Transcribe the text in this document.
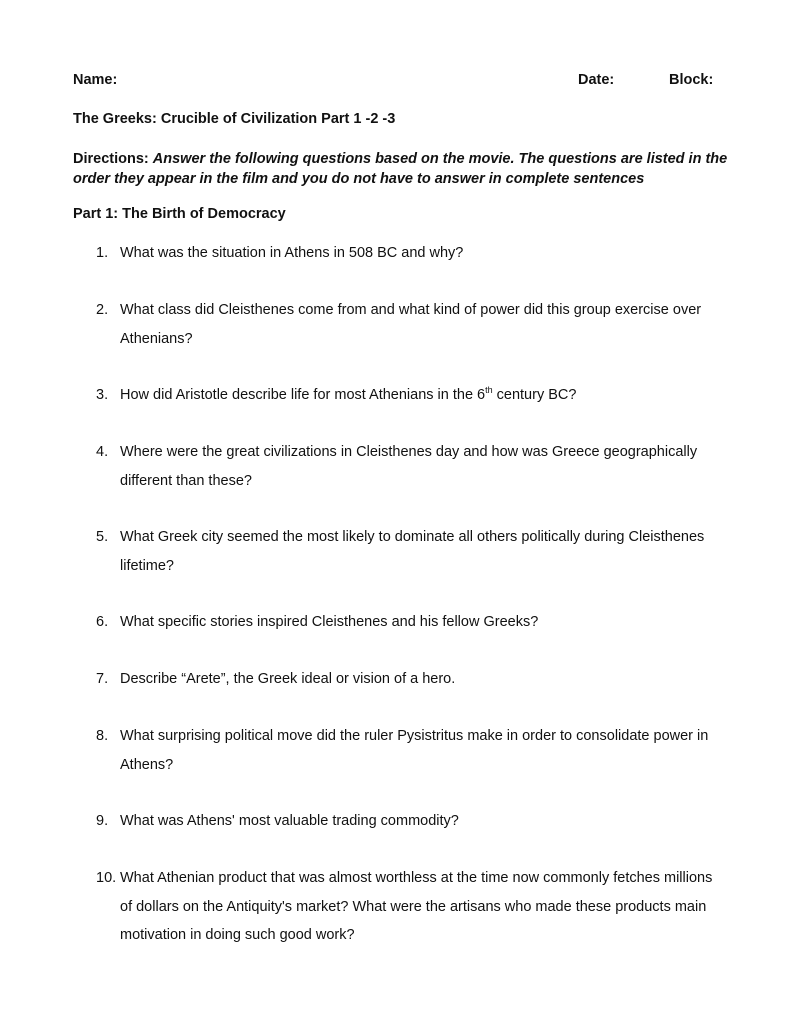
Name:	Date:	Block:
The Greeks: Crucible of Civilization Part 1 -2 -3
Directions: Answer the following questions based on the movie. The questions are listed in the order they appear in the film and you do not have to answer in complete sentences
Part 1: The Birth of Democracy
1. What was the situation in Athens in 508 BC and why?
2. What class did Cleisthenes come from and what kind of power did this group exercise over Athenians?
3. How did Aristotle describe life for most Athenians in the 6th century BC?
4. Where were the great civilizations in Cleisthenes day and how was Greece geographically different than these?
5. What Greek city seemed the most likely to dominate all others politically during Cleisthenes lifetime?
6. What specific stories inspired Cleisthenes and his fellow Greeks?
7. Describe “Arete”, the Greek ideal or vision of a hero.
8. What surprising political move did the ruler Pysistritus make in order to consolidate power in Athens?
9. What was Athens' most valuable trading commodity?
10. What Athenian product that was almost worthless at the time now commonly fetches millions of dollars on the Antiquity's market? What were the artisans who made these products main motivation in doing such good work?
